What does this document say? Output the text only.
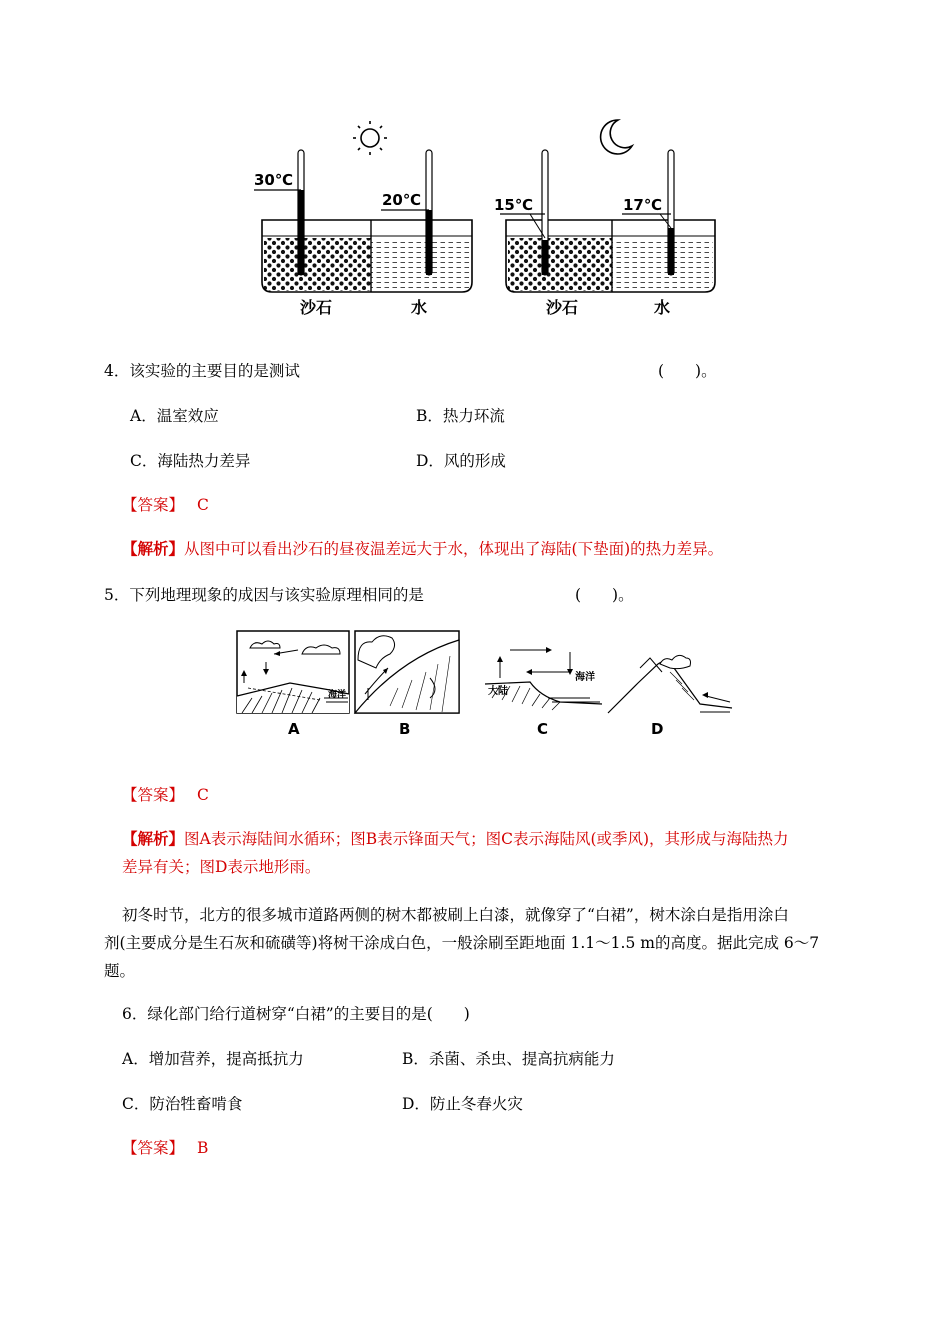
30℃
20℃	15℃	17℃
沙石	水	沙石	水
4．该实验的主要目的是测试	(　　)。
A．温室效应	B．热力环流
C．海陆热力差异	D．风的形成
【答案】 C
【解析】从图中可以看出沙石的昼夜温差远大于水，体现出了海陆(下垫面)的热力差异。
5．下列地理现象的成因与该实验原理相同的是	(　　)。
海洋
海洋
大陆
A	B	C	D
【答案】 C
【解析】图A表示海陆间水循环；图B表示锋面天气；图C表示海陆风(或季风)，其形成与海陆热力
差异有关；图D表示地形雨。
初冬时节，北方的很多城市道路两侧的树木都被刷上白漆，就像穿了“白裙”，树木涂白是指用涂白
剂(主要成分是生石灰和硫磺等)将树干涂成白色，一般涂刷至距地面 1.1～1.5 m的高度。据此完成 6～7
题。
6．绿化部门给行道树穿“白裙”的主要目的是(　　)
A．增加营养，提高抵抗力	B．杀菌、杀虫、提高抗病能力
C．防治牲畜啃食	D．防止冬春火灾
【答案】 B
